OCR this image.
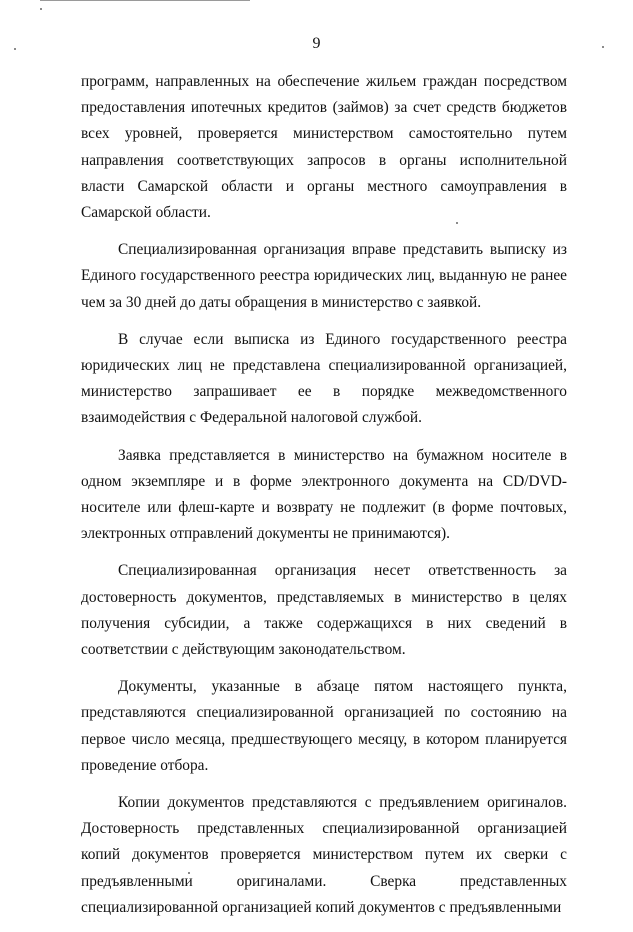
9

программ, направленных на обеспечение жильем граждан посредством предоставления ипотечных кредитов (займов) за счет средств бюджетов всех уровней, проверяется министерством самостоятельно путем направления соответствующих запросов в органы исполнительной власти Самарской области и органы местного самоуправления в Самарской области.

Специализированная организация вправе представить выписку из Единого государственного реестра юридических лиц, выданную не ранее чем за 30 дней до даты обращения в министерство с заявкой.

В случае если выписка из Единого государственного реестра юридических лиц не представлена специализированной организацией, министерство запрашивает ее в порядке межведомственного взаимодействия с Федеральной налоговой службой.

Заявка представляется в министерство на бумажном носителе в одном экземпляре и в форме электронного документа на CD/DVD-носителе или флеш-карте и возврату не подлежит (в форме почтовых, электронных отправлений документы не принимаются).

Специализированная организация несет ответственность за достоверность документов, представляемых в министерство в целях получения субсидии, а также содержащихся в них сведений в соответствии с действующим законодательством.

Документы, указанные в абзаце пятом настоящего пункта, представляются специализированной организацией по состоянию на первое число месяца, предшествующего месяцу, в котором планируется проведение отбора.

Копии документов представляются с предъявлением оригиналов. Достоверность представленных специализированной организацией копий документов проверяется министерством путем их сверки с предъявленными оригиналами. Сверка представленных специализированной организацией копий документов с предъявленными
